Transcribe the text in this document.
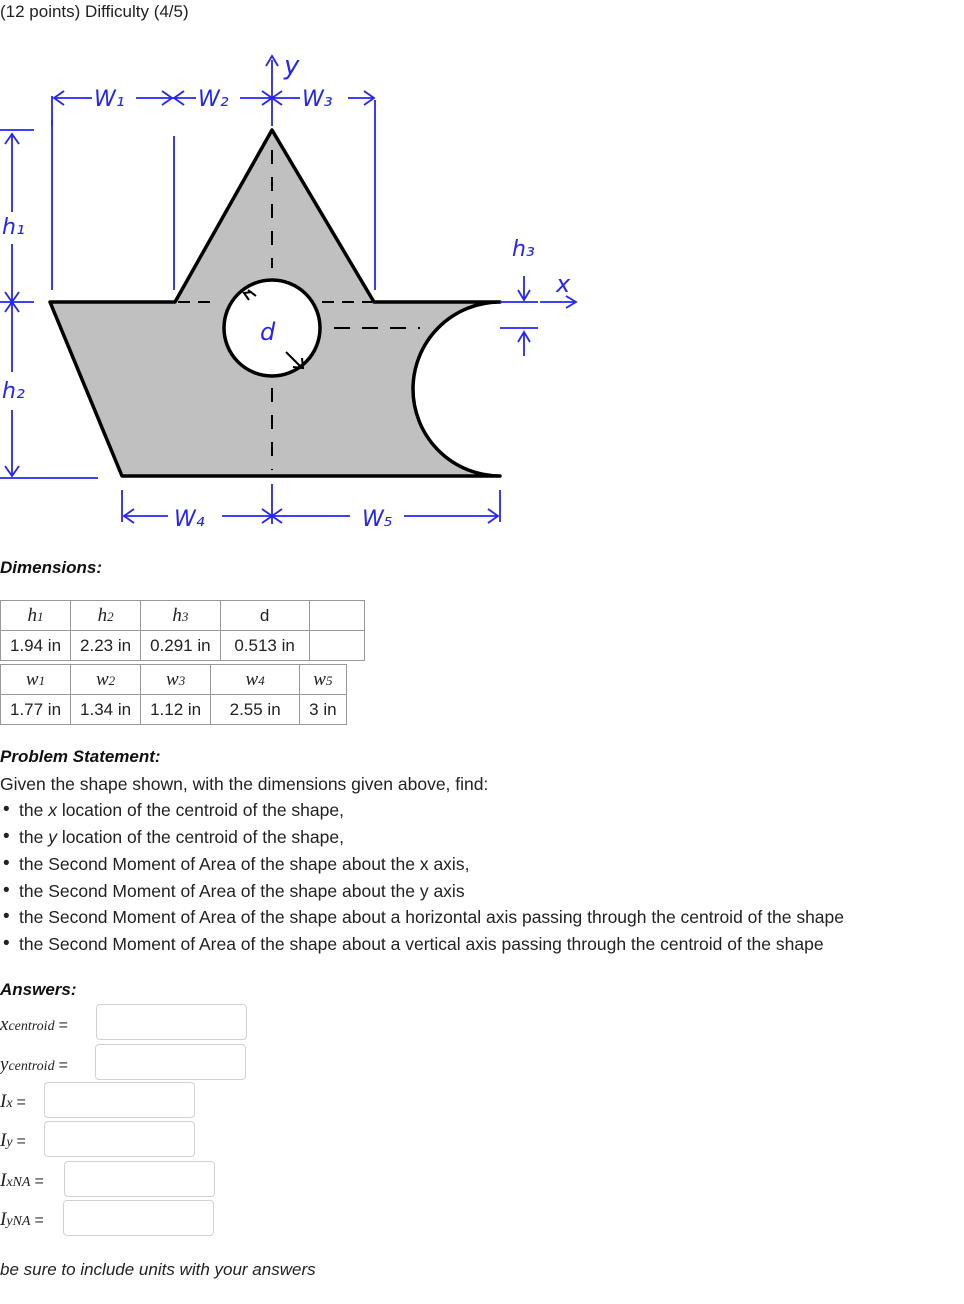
(12 points) Difficulty (4/5)
y
W₁	W₂	W₃
h₁
h₂
h₃
x
W₄	W₅
d
Dimensions:
h1	h2	h3	d	
1.94 in	2.23 in	0.291 in	0.513 in	
w1	w2	w3	w4	w5
1.77 in	1.34 in	1.12 in	2.55 in	3 in
Problem Statement:
Given the shape shown, with the dimensions given above, find:
• the x location of the centroid of the shape,
• the y location of the centroid of the shape,
• the Second Moment of Area of the shape about the x axis,
• the Second Moment of Area of the shape about the y axis
• the Second Moment of Area of the shape about a horizontal axis passing through the centroid of the shape
• the Second Moment of Area of the shape about a vertical axis passing through the centroid of the shape
Answers:
xcentroid =
ycentroid =
Ix =
Iy =
IxNA =
IyNA =
be sure to include units with your answers
